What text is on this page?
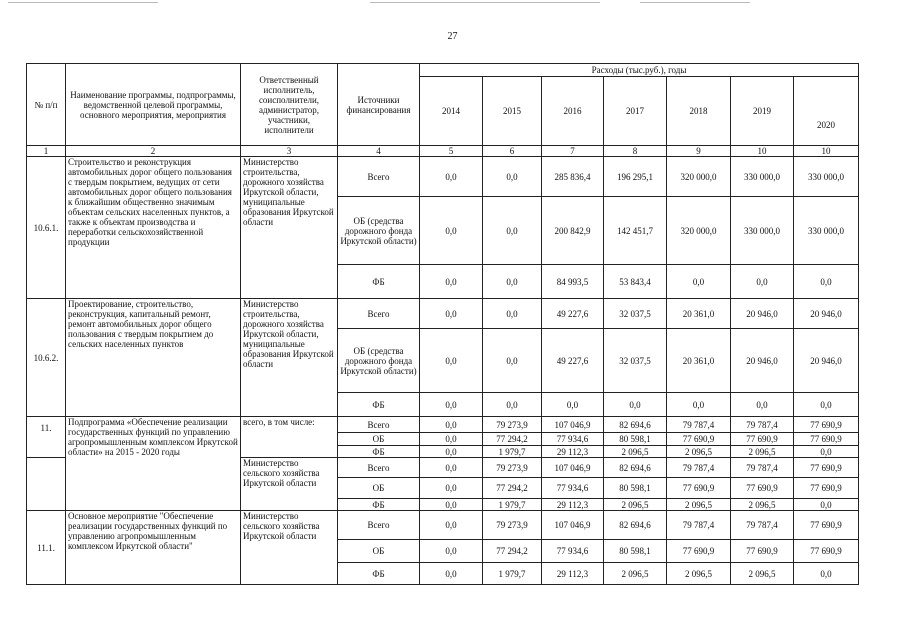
27
№ п/п	Наименование программы, подпрограммы, ведомственной целевой программы, основного мероприятия, мероприятия	Ответственный исполнитель, соисполнители, администратор, участники, исполнители	Источники финансирования	Расходы (тыс.руб.), годы						
				2014	2015	2016	2017	2018	2019	2020
1	2	3	4	5	6	7	8	9	10	10
10.6.1.	Строительство и реконструкция автомобильных дорог общего пользования с твердым покрытием, ведущих от сети автомобильных дорог общего пользования к ближайшим общественно значимым объектам сельских населенных пунктов, а также к объектам производства и переработки сельскохозяйственной продукции	Министерство строительства, дорожного хозяйства Иркутской области, муниципальные образования Иркутской области	Всего	0,0	0,0	285 836,4	196 295,1	320 000,0	330 000,0	330 000,0
			ОБ (средства дорожного фонда Иркутской области)	0,0	0,0	200 842,9	142 451,7	320 000,0	330 000,0	330 000,0
			ФБ	0,0	0,0	84 993,5	53 843,4	0,0	0,0	0,0
10.6.2.	Проектирование, строительство, реконструкция, капитальный ремонт, ремонт автомобильных дорог общего пользования с твердым покрытием до сельских населенных пунктов	Министерство строительства, дорожного хозяйства Иркутской области, муниципальные образования Иркутской области	Всего	0,0	0,0	49 227,6	32 037,5	20 361,0	20 946,0	20 946,0
			ОБ (средства дорожного фонда Иркутской области)	0,0	0,0	49 227,6	32 037,5	20 361,0	20 946,0	20 946,0
			ФБ	0,0	0,0	0,0	0,0	0,0	0,0	0,0
11.	Подпрограмма «Обеспечение реализации государственных функций по управлению агропромышленным комплексом Иркутской области» на 2015 - 2020 годы	всего, в том числе:	Всего	0,0	79 273,9	107 046,9	82 694,6	79 787,4	79 787,4	77 690,9
			ОБ	0,0	77 294,2	77 934,6	80 598,1	77 690,9	77 690,9	77 690,9
			ФБ	0,0	1 979,7	29 112,3	2 096,5	2 096,5	2 096,5	0,0
		Министерство сельского хозяйства Иркутской области	Всего	0,0	79 273,9	107 046,9	82 694,6	79 787,4	79 787,4	77 690,9
			ОБ	0,0	77 294,2	77 934,6	80 598,1	77 690,9	77 690,9	77 690,9
			ФБ	0,0	1 979,7	29 112,3	2 096,5	2 096,5	2 096,5	0,0
11.1.	Основное мероприятие "Обеспечение реализации государственных функций по управлению агропромышленным комплексом Иркутской области"	Министерство сельского хозяйства Иркутской области	Всего	0,0	79 273,9	107 046,9	82 694,6	79 787,4	79 787,4	77 690,9
			ОБ	0,0	77 294,2	77 934,6	80 598,1	77 690,9	77 690,9	77 690,9
			ФБ	0,0	1 979,7	29 112,3	2 096,5	2 096,5	2 096,5	0,0
